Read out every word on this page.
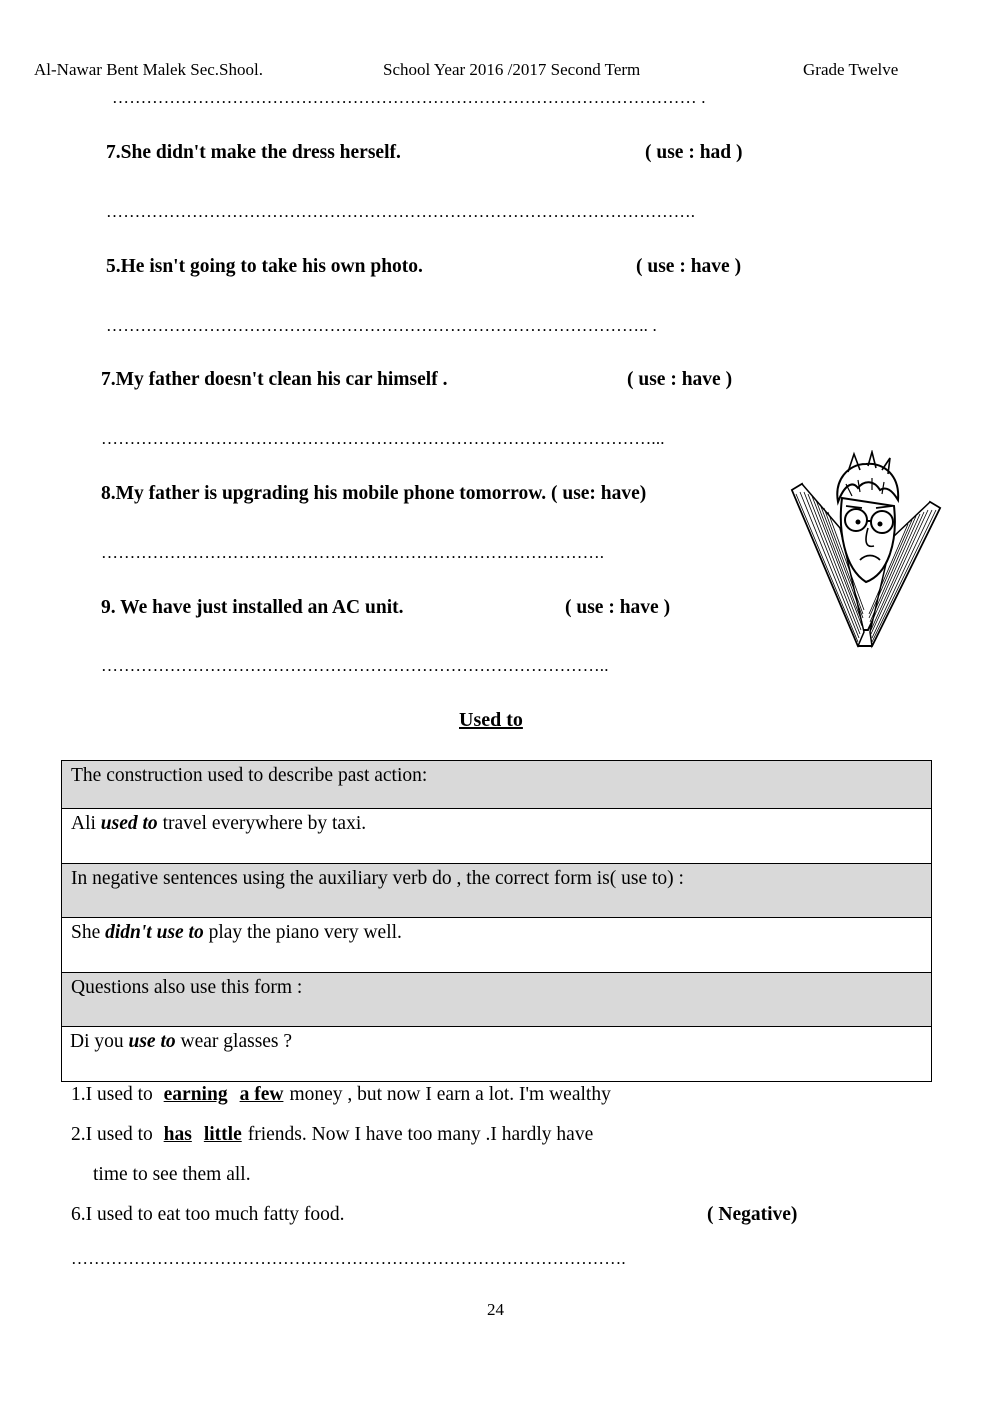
Al-Nawar Bent Malek Sec.Shool.	School Year 2016 /2017 Second Term	Grade Twelve
………………………………………………………………………………………… .
7.She didn't make the dress herself.	( use : had )
………………………………………………………………………………………….
5.He isn't going to take his own photo.	( use : have )
………………………………………………………………………………….. .
7.My father doesn't clean his car himself .	( use : have )
……………………………………………………………………………………...
8.My father is upgrading his mobile phone tomorrow. ( use: have)
…………………………………………………………………………….
9. We have just installed an AC unit.	( use : have )
……………………………………………………………………………..
Used to
The construction used to describe past action:
Ali used to travel everywhere by taxi.
In negative sentences using the auxiliary verb do , the correct form is( use to) :
She didn't use to play the piano very well.
Questions also use this form :
Di you use to wear glasses ?
1.I used to earning a few money , but now I earn a lot. I'm wealthy
2.I used to has little friends. Now I have too many .I hardly have
time to see them all.
6.I used to eat too much fatty food.	( Negative)
…………………………………………………………………………………….
24
